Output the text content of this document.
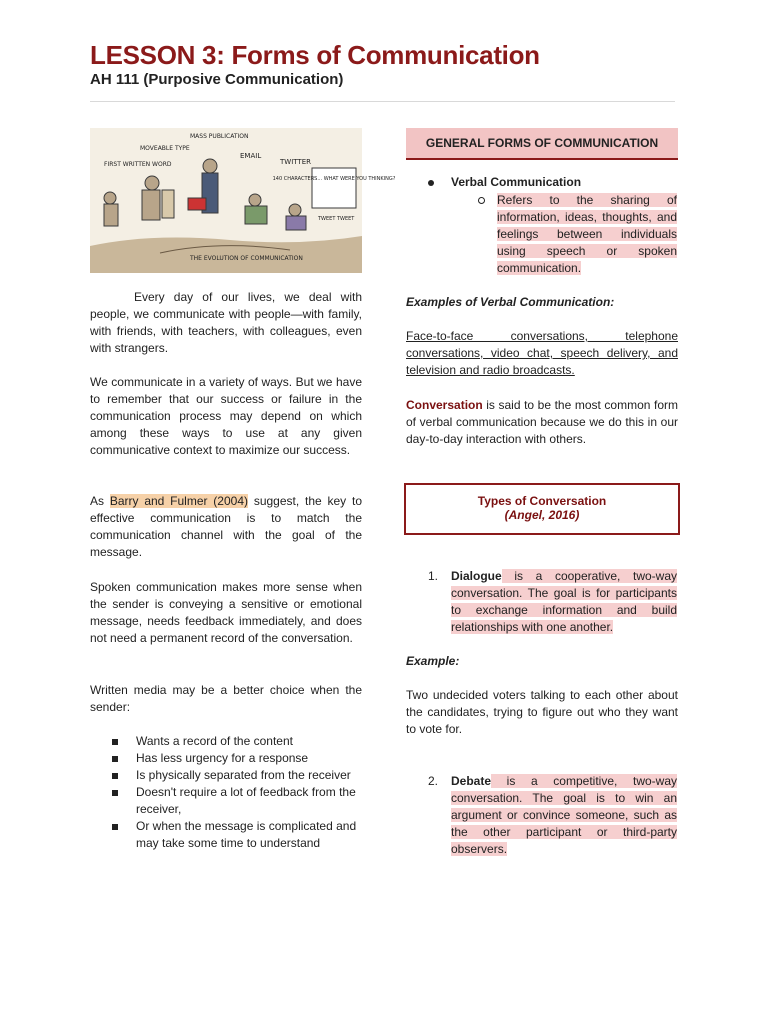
LESSON 3: Forms of Communication
AH 111 (Purposive Communication)
140 CHARACTERS... WHAT WERE YOU THINKING?
FIRST WRITTEN WORD
MOVEABLE TYPE
MASS PUBLICATION
EMAIL
TWITTER
TWEET TWEET
THE EVOLUTION OF COMMUNICATION

Every day of our lives, we deal with people, we communicate with people—with family, with friends, with teachers, with colleagues, even with strangers.

We communicate in a variety of ways. But we have to remember that our success or failure in the communication process may depend on which among these ways to use at any given communicative context to maximize our success.

As Barry and Fulmer (2004) suggest, the key to effective communication is to match the communication channel with the goal of the message.

Spoken communication makes more sense when the sender is conveying a sensitive or emotional message, needs feedback immediately, and does not need a permanent record of the conversation.

Written media may be a better choice when the sender:

Wants a record of the content
Has less urgency for a response
Is physically separated from the receiver
Doesn't require a lot of feedback from the receiver,
Or when the message is complicated and may take some time to understand
GENERAL FORMS OF COMMUNICATION
Verbal Communication

Refers to the sharing of information, ideas, thoughts, and feelings between individuals using speech or spoken communication.

Examples of Verbal Communication:

Face-to-face conversations, telephone conversations, video chat, speech delivery, and television and radio broadcasts.

Conversation is said to be the most common form of verbal communication because we do this in our day-to-day interaction with others.

Types of Conversation
(Angel, 2016)
1. Dialogue is a cooperative, two-way conversation. The goal is for participants to exchange information and build relationships with one another.

Example:

Two undecided voters talking to each other about the candidates, trying to figure out who they want to vote for.

2. Debate is a competitive, two-way conversation. The goal is to win an argument or convince someone, such as the other participant or third-party observers.
